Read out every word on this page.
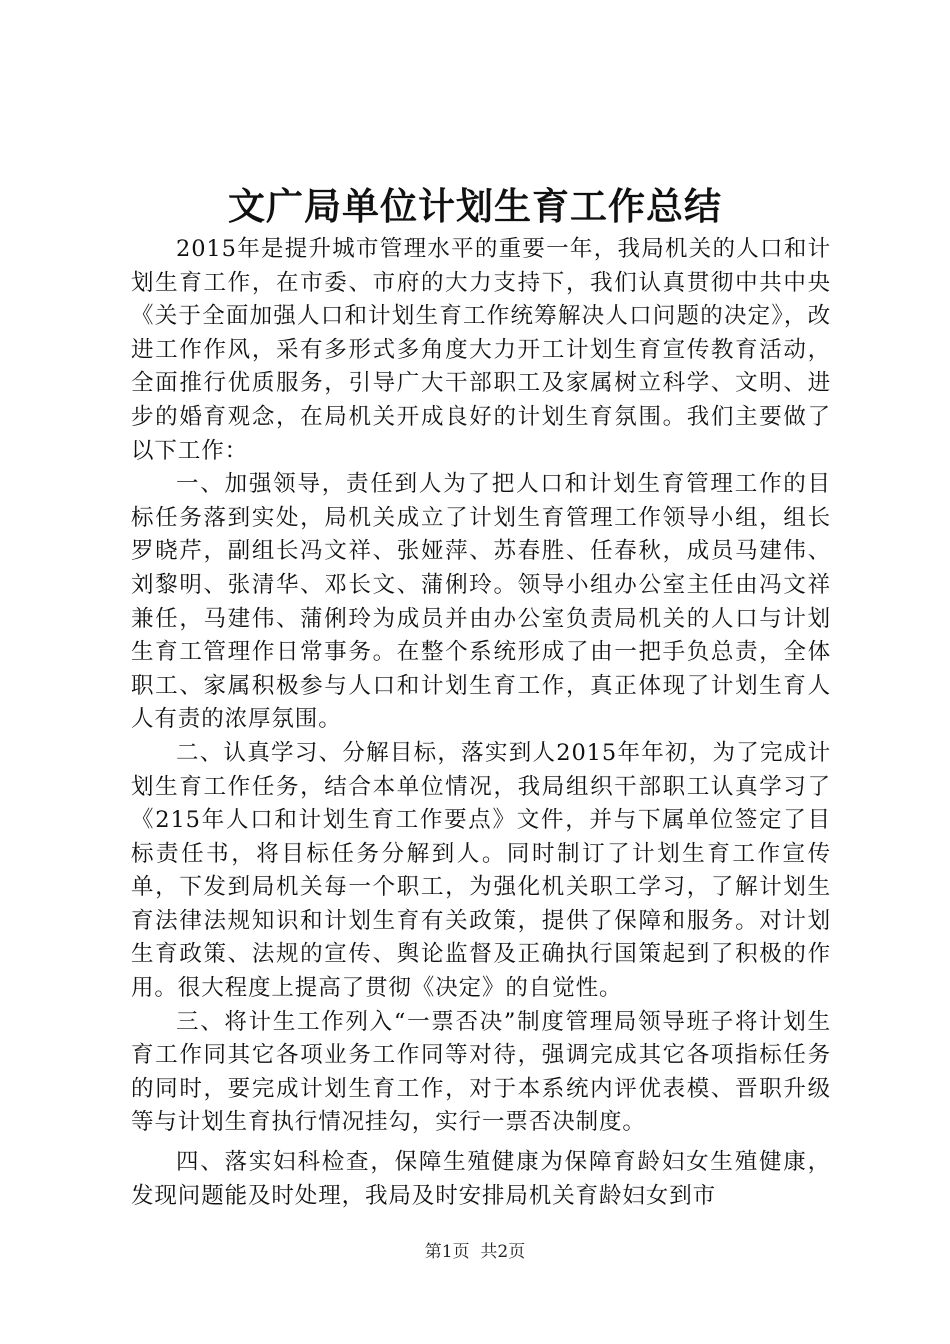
文广局单位计划生育工作总结

2015年是提升城市管理水平的重要一年，我局机关的人口和计划生育工作，在市委、市府的大力支持下，我们认真贯彻中共中央《关于全面加强人口和计划生育工作统筹解决人口问题的决定》，改进工作作风，采有多形式多角度大力开工计划生育宣传教育活动，全面推行优质服务，引导广大干部职工及家属树立科学、文明、进步的婚育观念，在局机关开成良好的计划生育氛围。我们主要做了以下工作：

一、加强领导，责任到人为了把人口和计划生育管理工作的目标任务落到实处，局机关成立了计划生育管理工作领导小组，组长罗晓芹，副组长冯文祥、张娅萍、苏春胜、任春秋，成员马建伟、刘黎明、张清华、邓长文、蒲俐玲。领导小组办公室主任由冯文祥兼任，马建伟、蒲俐玲为成员并由办公室负责局机关的人口与计划生育工管理作日常事务。在整个系统形成了由一把手负总责，全体职工、家属积极参与人口和计划生育工作，真正体现了计划生育人人有责的浓厚氛围。

二、认真学习、分解目标，落实到人2015年年初，为了完成计划生育工作任务，结合本单位情况，我局组织干部职工认真学习了《215年人口和计划生育工作要点》文件，并与下属单位签定了目标责任书，将目标任务分解到人。同时制订了计划生育工作宣传单，下发到局机关每一个职工，为强化机关职工学习，了解计划生育法律法规知识和计划生育有关政策，提供了保障和服务。对计划生育政策、法规的宣传、舆论监督及正确执行国策起到了积极的作用。很大程度上提高了贯彻《决定》的自觉性。

三、将计生工作列入“一票否决”制度管理局领导班子将计划生育工作同其它各项业务工作同等对待，强调完成其它各项指标任务的同时，要完成计划生育工作，对于本系统内评优表模、晋职升级等与计划生育执行情况挂勾，实行一票否决制度。

四、落实妇科检查，保障生殖健康为保障育龄妇女生殖健康，发现问题能及时处理，我局及时安排局机关育龄妇女到市

第1页  共2页
